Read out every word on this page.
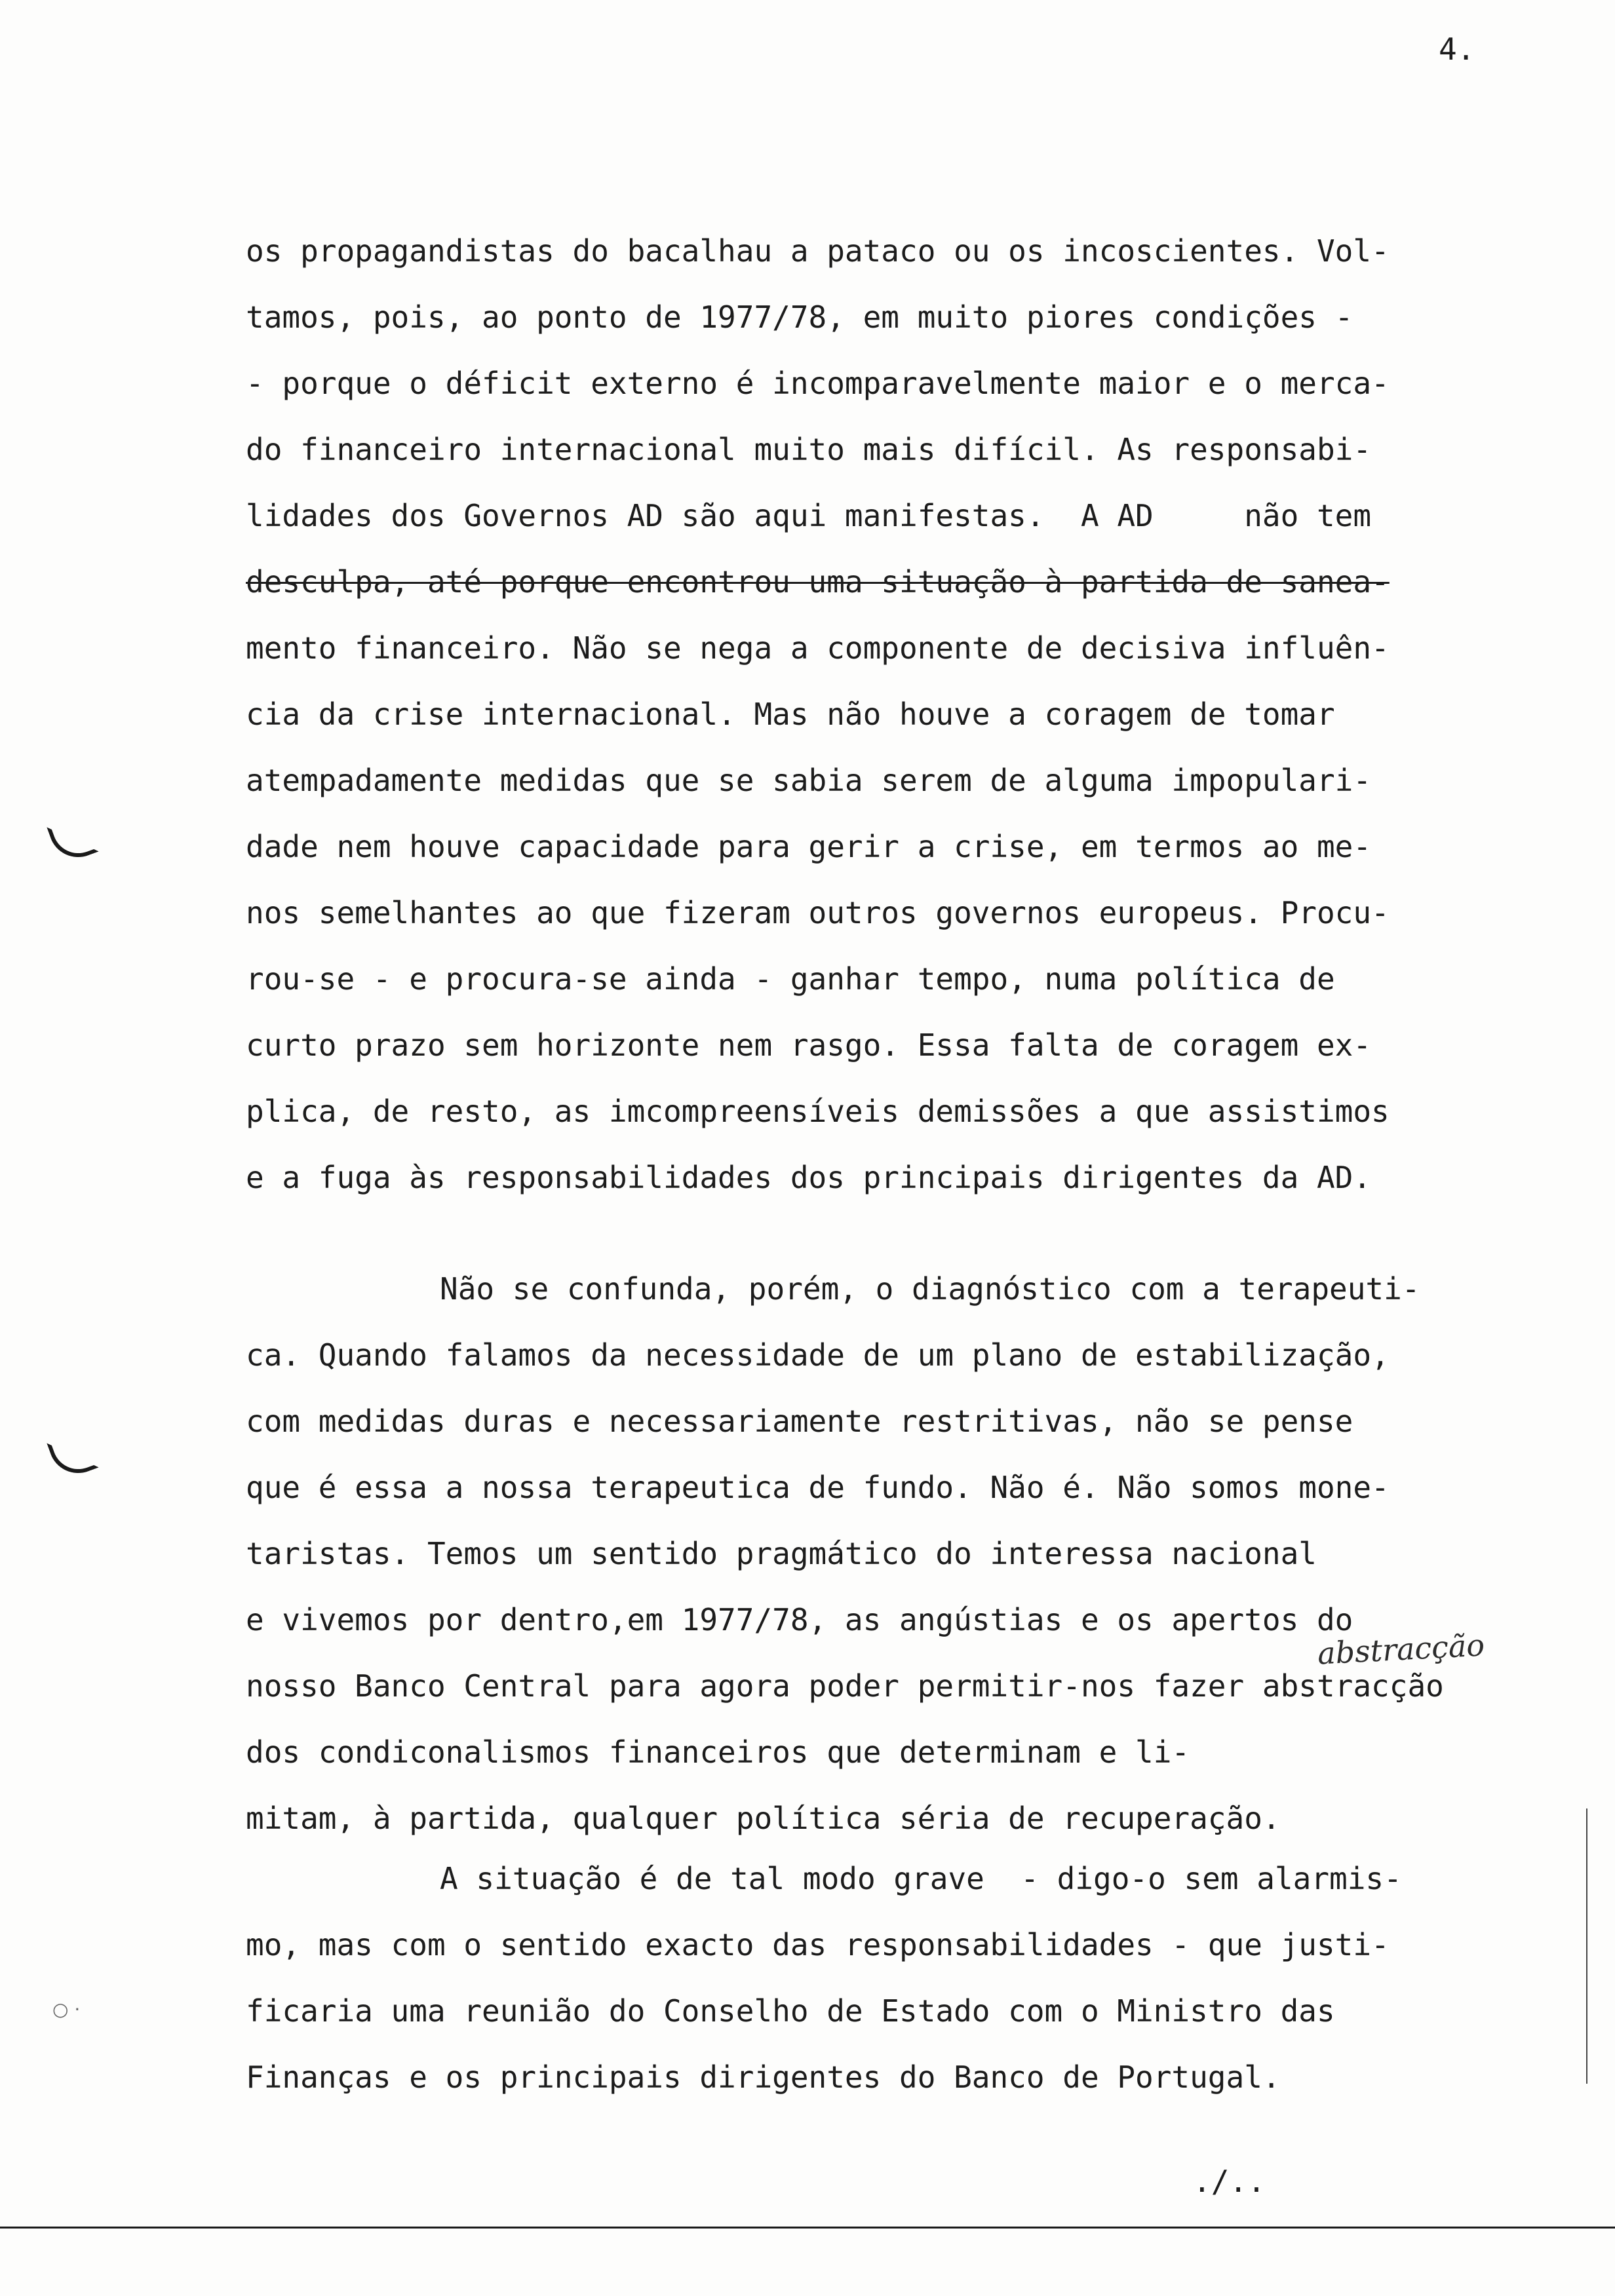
4.
os propagandistas do bacalhau a pataco ou os incoscientes. Vol-
tamos, pois, ao ponto de 1977/78, em muito piores condições -
- porque o déficit externo é incomparavelmente maior e o merca-
do financeiro internacional muito mais difícil. As responsabi-
lidades dos Governos AD são aqui manifestas.  A AD     não tem
desculpa, até porque encontrou uma situação à partida de sanea-
mento financeiro. Não se nega a componente de decisiva influên-
cia da crise internacional. Mas não houve a coragem de tomar
atempadamente medidas que se sabia serem de alguma impopulari-
dade nem houve capacidade para gerir a crise, em termos ao me-
nos semelhantes ao que fizeram outros governos europeus. Procu-
rou-se - e procura-se ainda - ganhar tempo, numa política de
curto prazo sem horizonte nem rasgo. Essa falta de coragem ex-
plica, de resto, as imcompreensíveis demissões a que assistimos
e a fuga às responsabilidades dos principais dirigentes da AD.
Não se confunda, porém, o diagnóstico com a terapeuti-
ca. Quando falamos da necessidade de um plano de estabilização,
com medidas duras e necessariamente restritivas, não se pense
que é essa a nossa terapeutica de fundo. Não é. Não somos mone-
taristas. Temos um sentido pragmático do interessa nacional
e vivemos por dentro,em 1977/78, as angústias e os apertos do
nosso Banco Central para agora poder permitir-nos fazer abstracção
dos condiconalismos financeiros que determinam e li-
mitam, à partida, qualquer política séria de recuperação.
A situação é de tal modo grave  - digo-o sem alarmis-
mo, mas com o sentido exacto das responsabilidades - que justi-
ficaria uma reunião do Conselho de Estado com o Ministro das
Finanças e os principais dirigentes do Banco de Portugal.
abstracção
./..
○ ·
